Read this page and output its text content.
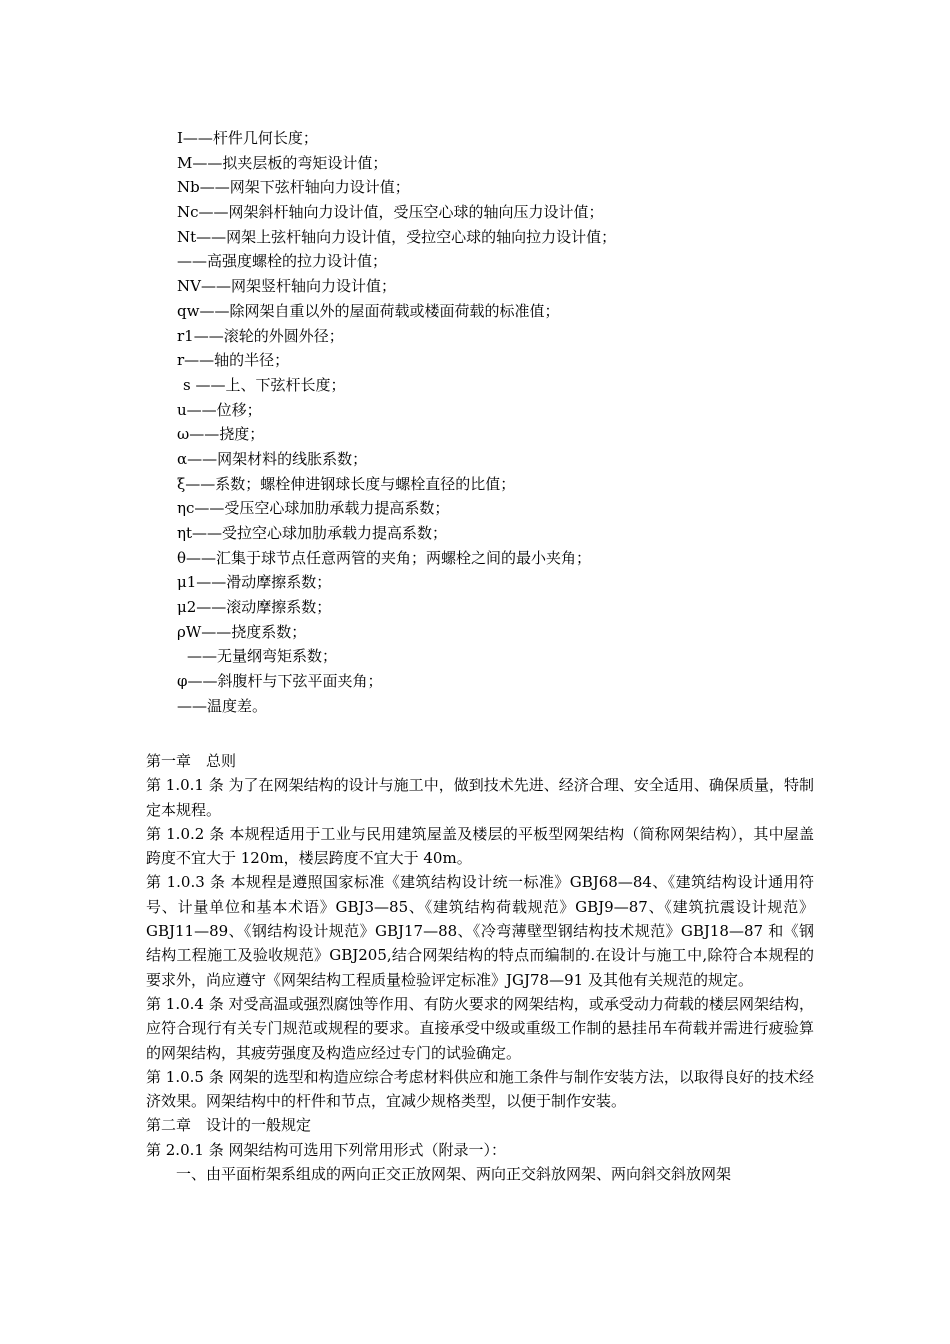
I——杆件几何长度；
M——拟夹层板的弯矩设计值；
Nb——网架下弦杆轴向力设计值；
Nc——网架斜杆轴向力设计值，受压空心球的轴向压力设计值；
Nt——网架上弦杆轴向力设计值，受拉空心球的轴向拉力设计值；
——高强度螺栓的拉力设计值；
NV——网架竖杆轴向力设计值；
qw——除网架自重以外的屋面荷载或楼面荷载的标准值；
r1——滚轮的外圆外径；
r——轴的半径；
s ——上、下弦杆长度；
u——位移；
ω——挠度；
α——网架材料的线胀系数；
ξ——系数；螺栓伸进钢球长度与螺栓直径的比值；
ηc——受压空心球加肋承载力提高系数；
ηt——受拉空心球加肋承载力提高系数；
θ——汇集于球节点任意两管的夹角；两螺栓之间的最小夹角；
μ1——滑动摩擦系数；
μ2——滚动摩擦系数；
ρW——挠度系数；
——无量纲弯矩系数；
φ——斜腹杆与下弦平面夹角；
——温度差。

第一章　总则

第 1.0.1 条 为了在网架结构的设计与施工中，做到技术先进、经济合理、安全适用、确保质量，特制定本规程。

第 1.0.2 条 本规程适用于工业与民用建筑屋盖及楼层的平板型网架结构（简称网架结构），其中屋盖跨度不宜大于 120m，楼层跨度不宜大于 40m。

第 1.0.3 条 本规程是遵照国家标准《建筑结构设计统一标准》GBJ68—84、《建筑结构设计通用符号、计量单位和基本术语》GBJ3—85、《建筑结构荷载规范》GBJ9—87、《建筑抗震设计规范》GBJ11—89、《钢结构设计规范》GBJ17—88、《冷弯薄壁型钢结构技术规范》GBJ18—87 和《钢结构工程施工及验收规范》GBJ205,结合网架结构的特点而编制的.在设计与施工中,除符合本规程的要求外，尚应遵守《网架结构工程质量检验评定标准》JGJ78—91 及其他有关规范的规定。

第 1.0.4 条 对受高温或强烈腐蚀等作用、有防火要求的网架结构，或承受动力荷载的楼层网架结构，应符合现行有关专门规范或规程的要求。直接承受中级或重级工作制的悬挂吊车荷载并需进行疲验算的网架结构，其疲劳强度及构造应经过专门的试验确定。

第 1.0.5 条 网架的选型和构造应综合考虑材料供应和施工条件与制作安装方法，以取得良好的技术经济效果。网架结构中的杆件和节点，宜减少规格类型，以便于制作安装。

第二章　设计的一般规定

第 2.0.1 条 网架结构可选用下列常用形式（附录一）：

一、由平面桁架系组成的两向正交正放网架、两向正交斜放网架、两向斜交斜放网架
